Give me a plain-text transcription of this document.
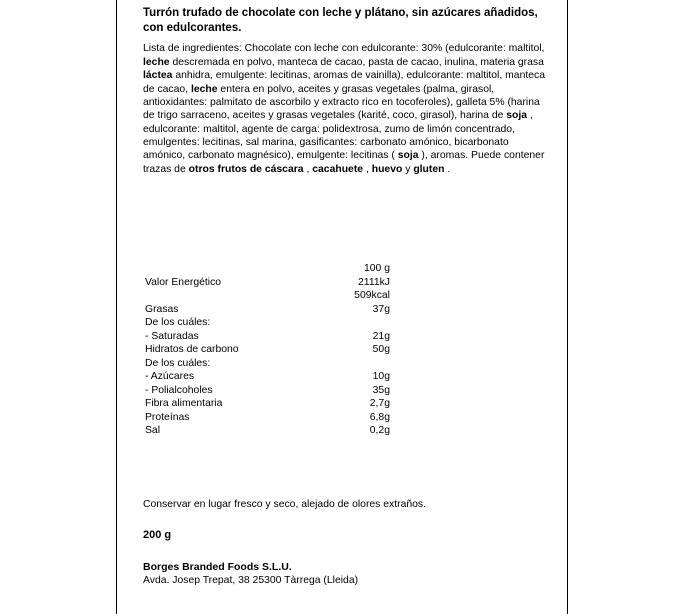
Turrón trufado de chocolate con leche y plátano, sin azúcares añadidos, con edulcorantes.
Lista de ingredientes: Chocolate con leche con edulcorante: 30% (edulcorante: maltitol, leche descremada en polvo, manteca de cacao, pasta de cacao, inulina, materia grasa láctea anhidra, emulgente: lecitinas, aromas de vainilla), edulcorante: maltitol, manteca de cacao, leche entera en polvo, aceites y grasas vegetales (palma, girasol, antioxidantes: palmitato de ascorbilo y extracto rico en tocoferoles), galleta 5% (harina de trigo sarraceno, aceites y grasas vegetales (karité, coco, girasol), harina de soja , edulcorante: maltitol, agente de carga: polidextrosa, zumo de limón concentrado, emulgentes: lecitinas, sal marina, gasificantes: carbonato amónico, bicarbonato amónico, carbonato magnésico), emulgente: lecitinas ( soja ), aromas. Puede contener trazas de otros frutos de cáscara , cacahuete , huevo y gluten .
	100 g
Valor Energético	2111kJ
509kcal

Grasas	37g
De los cuáles:	
- Saturadas	21g
Hidratos de carbono	50g
De los cuáles:	
- Azúcares	10g
- Polialcoholes	35g
Fibra alimentaria	2,7g
Proteínas	6,8g
Sal	0,2g
Conservar en lugar fresco y seco, alejado de olores extraños.
200 g
Borges Branded Foods S.L.U.
Avda. Josep Trepat, 38 25300 Tàrrega (Lleida)
